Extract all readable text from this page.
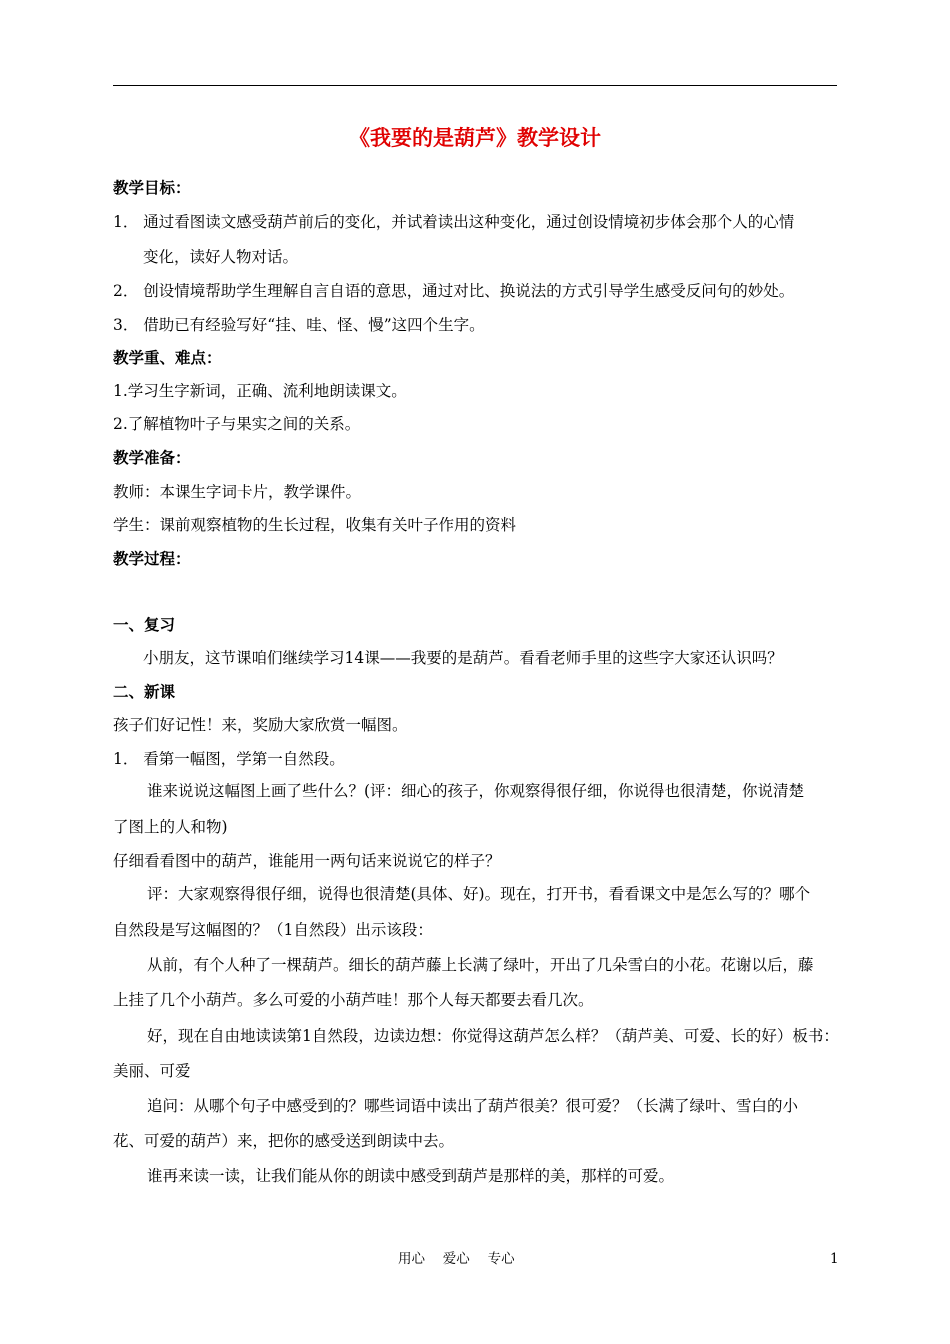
《我要的是葫芦》教学设计
教学目标：
1． 通过看图读文感受葫芦前后的变化，并试着读出这种变化，通过创设情境初步体会那个人的心情
变化，读好人物对话。
2． 创设情境帮助学生理解自言自语的意思，通过对比、换说法的方式引导学生感受反问句的妙处。
3． 借助已有经验写好“挂、哇、怪、慢”这四个生字。
教学重、难点：
1.学习生字新词，正确、流利地朗读课文。
2.了解植物叶子与果实之间的关系。
教学准备：
教师：本课生字词卡片，教学课件。
学生：课前观察植物的生长过程，收集有关叶子作用的资料
教学过程：
一、复习
小朋友，这节课咱们继续学习14课——我要的是葫芦。看看老师手里的这些字大家还认识吗？
二、新课
孩子们好记性！来，奖励大家欣赏一幅图。
1． 看第一幅图，学第一自然段。
谁来说说这幅图上画了些什么？(评：细心的孩子，你观察得很仔细，你说得也很清楚，你说清楚
了图上的人和物)
仔细看看图中的葫芦，谁能用一两句话来说说它的样子？
评：大家观察得很仔细，说得也很清楚(具体、好)。现在，打开书，看看课文中是怎么写的？哪个
自然段是写这幅图的？（1自然段）出示该段：
从前，有个人种了一棵葫芦。细长的葫芦藤上长满了绿叶，开出了几朵雪白的小花。花谢以后，藤
上挂了几个小葫芦。多么可爱的小葫芦哇！那个人每天都要去看几次。
好，现在自由地读读第1自然段，边读边想：你觉得这葫芦怎么样？（葫芦美、可爱、长的好）板书：
美丽、可爱
追问：从哪个句子中感受到的？哪些词语中读出了葫芦很美？很可爱？（长满了绿叶、雪白的小
花、可爱的葫芦）来，把你的感受送到朗读中去。
谁再来读一读，让我们能从你的朗读中感受到葫芦是那样的美，那样的可爱。
用心　 爱心　 专心	1
